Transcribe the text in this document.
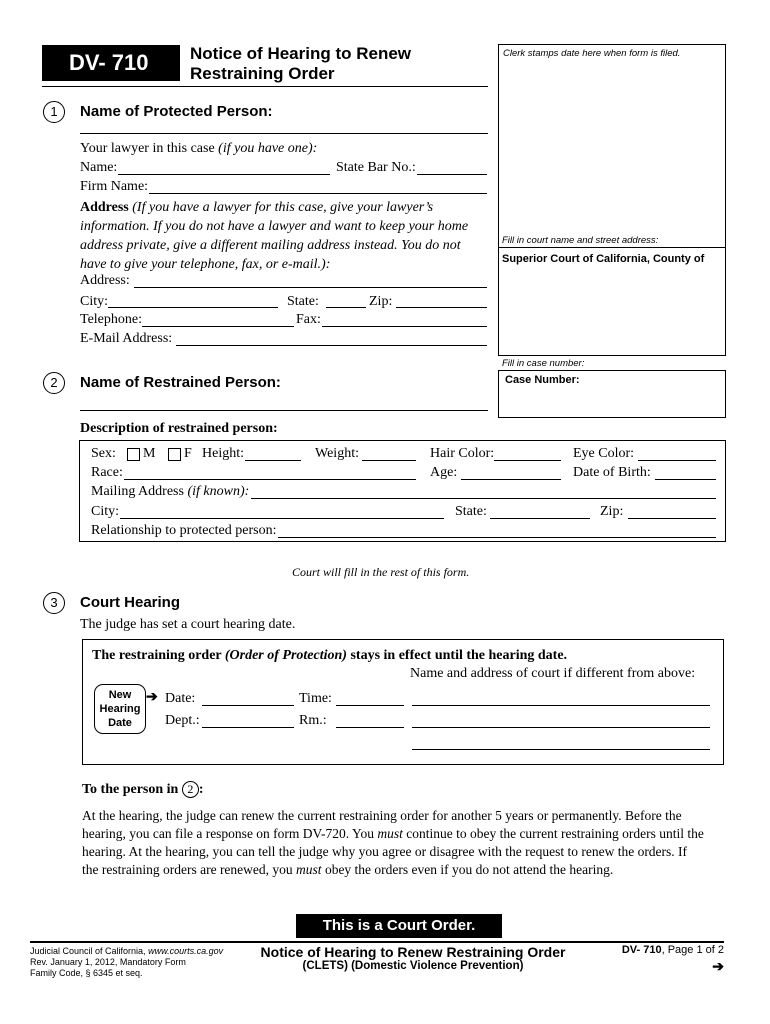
DV- 710 Notice of Hearing to Renew
Restraining Order
Clerk stamps date here when form is filed.
Fill in court name and street address:
Superior Court of California, County of
Fill in case number:
Case Number:
1	Name of Protected Person:
Your lawyer in this case (if you have one):
Name:	State Bar No.:
Firm Name:
Address (If you have a lawyer for this case, give your lawyer’s
information. If you do not have a lawyer and want to keep your home
address private, give a different mailing address instead. You do not
have to give your telephone, fax, or e-mail.):
Address:
City:	State:	Zip:
Telephone:	Fax:
E-Mail Address:
2	Name of Restrained Person:
Description of restrained person:
Sex: M F Height:	Weight:	Hair Color:	Eye Color:
Race:	Age:	Date of Birth:
Mailing Address (if known):
City:	State:	Zip:
Relationship to protected person:
Court will fill in the rest of this form.
3	Court Hearing
The judge has set a court hearing date.
The restraining order (Order of Protection) stays in effect until the hearing date.
Name and address of court if different from above:
New
Hearing
Date
➔ Date:	Time:
Dept.:	Rm.:
To the person in 2 :
At the hearing, the judge can renew the current restraining order for another 5 years or permanently. Before the
hearing, you can file a response on form DV-720. You must continue to obey the current restraining orders until the
hearing. At the hearing, you can tell the judge why you agree or disagree with the request to renew the orders. If
the restraining orders are renewed, you must obey the orders even if you do not attend the hearing.
This is a Court Order.
Judicial Council of California, www.courts.ca.gov
Rev. January 1, 2012, Mandatory Form
Family Code, § 6345 et seq.
Notice of Hearing to Renew Restraining Order
(CLETS) (Domestic Violence Prevention)
DV- 710, Page 1 of 2
➔
